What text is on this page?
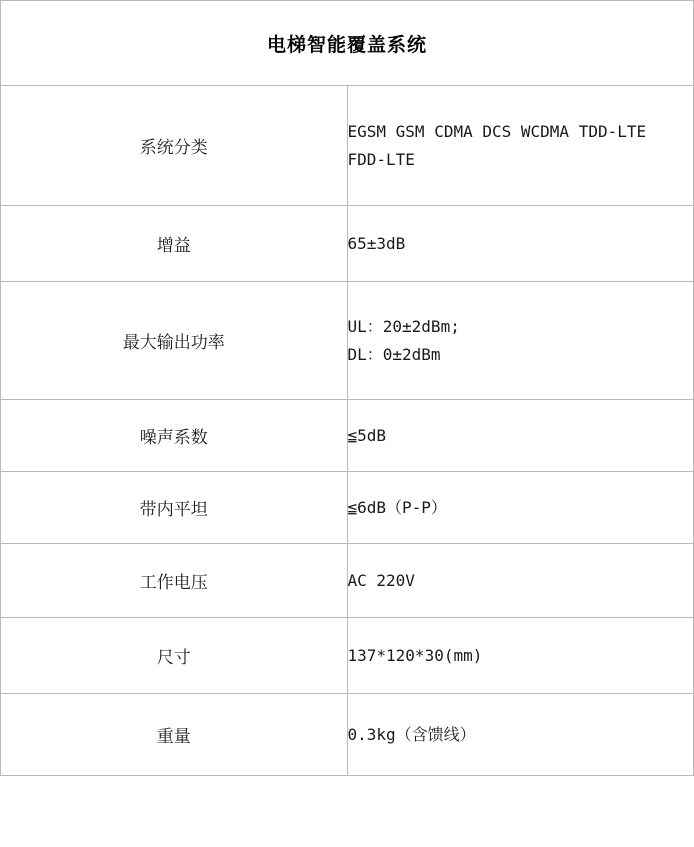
电梯智能覆盖系统	
系统分类	EGSM GSM CDMA DCS WCDMA TDD-LTE
FDD-LTE

增益	65±3dB

最大输出功率	UL：20±2dBm;
DL：0±2dBm

噪声系数	≦5dB

带内平坦	≦6dB（P-P）

工作电压	AC 220V

尺寸	137*120*30(mm)

重量	0.3kg（含馈线）
